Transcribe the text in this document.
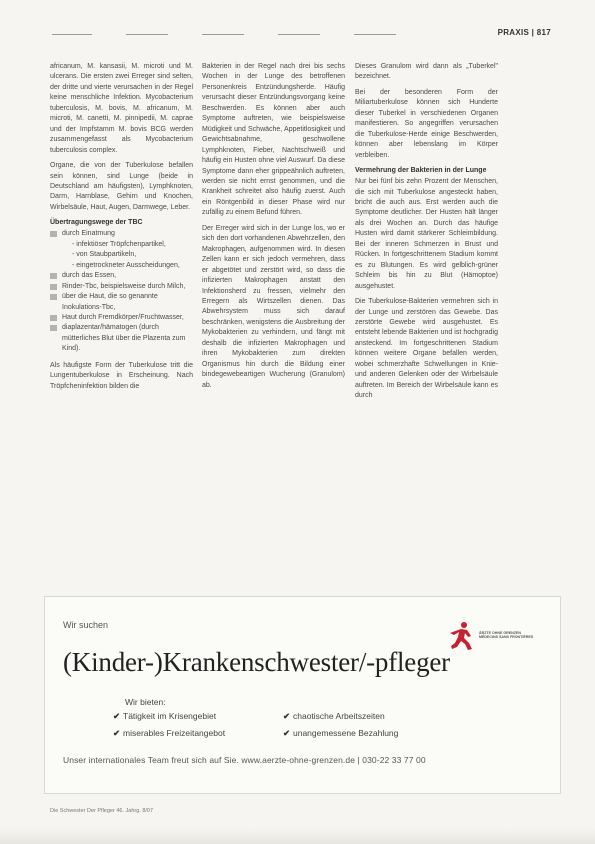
PRAXIS | 817

africanum, M. kansasii, M. microti und M. ulcerans. Die ersten zwei Erreger sind selten, der dritte und vierte verursachen in der Regel keine menschliche Infektion. Mycobacterium tuberculosis, M. bovis, M. africanum, M. microti, M. canetti, M. pinnipedii, M. caprae und der Impfstamm M. bovis BCG werden zusammengefasst als Mycobacterium tuberculosis complex.

Organe, die von der Tuberkulose befallen sein können, sind Lunge (beide in Deutschland am häufigsten), Lymphknoten, Darm, Harnblase, Gehirn und Knochen, Wirbelsäule, Haut, Augen, Darmwege, Leber.

Übertragungswege der TBC
durch Einatmung
- infektiöser Tröpfchenpartikel,
- von Staubpartikeln,
- eingetrockneter Ausscheidungen,
durch das Essen,
Rinder-Tbc, beispielsweise durch Milch,
über die Haut, die so genannte Inokulations-Tbc,
Haut durch Fremdkörper/Fruchtwasser,
diaplazentar/hämatogen (durch mütterliches Blut über die Plazenta zum Kind).

Als häufigste Form der Tuberkulose tritt die Lungentuberkulose in Erscheinung. Nach Tröpfcheninfektion bilden die

Bakterien in der Regel nach drei bis sechs Wochen in der Lunge des betroffenen Personenkreis Entzündungsherde. Häufig verursacht dieser Entzündungsvorgang keine Beschwerden. Es können aber auch Symptome auftreten, wie beispielsweise Müdigkeit und Schwäche, Appetitlosigkeit und Gewichtsabnahme, geschwollene Lymphknoten, Fieber, Nachtschweiß und häufig ein Husten ohne viel Auswurf. Da diese Symptome dann eher grippeähnlich auftreten, werden sie nicht ernst genommen, und die Krankheit schreitet also häufig zuerst. Auch ein Röntgenbild in dieser Phase wird nur zufällig zu einem Befund führen.

Der Erreger wird sich in der Lunge los, wo er sich den dort vorhandenen Abwehrzellen, den Makrophagen, aufgenommen wird. In diesen Zellen kann er sich jedoch vermehren, dass er abgetötet und zerstört wird, so dass die infizierten Makrophagen anstatt den Infektionsherd zu fressen, vielmehr den Erregern als Wirtszellen dienen. Das Abwehrsystem muss sich darauf beschränken, wenigstens die Ausbreitung der Mykobakterien zu verhindern, und fängt mit deshalb die infizierten Makrophagen und ihren Mykobakterien zum direkten Organismus hin durch die Bildung einer bindegewebeartigen Wucherung (Granulom) ab.

Dieses Granulom wird dann als „Tuberkel" bezeichnet.

Bei der besonderen Form der Miliartuberkulose können sich Hunderte dieser Tuberkel in verschiedenen Organen manifestieren. So angegriffen verursachen die Tuberkulose-Herde einige Beschwerden, können aber lebenslang im Körper verbleiben.

Vermehrung der Bakterien in der Lunge

Nur bei fünf bis zehn Prozent der Menschen, die sich mit Tuberkulose angesteckt haben, bricht die auch aus. Erst werden auch die Symptome deutlicher. Der Husten hält länger als drei Wochen an. Durch das häufige Husten wird damit stärkerer Schleimbildung. Bei der inneren Schmerzen in Brust und Rücken. In fortgeschrittenem Stadium kommt es zu Blutungen. Es wird gelblich-grüner Schleim bis hin zu Blut (Hämoptoe) ausgehustet.

Die Tuberkulose-Bakterien vermehren sich in der Lunge und zerstören das Gewebe. Das zerstörte Gewebe wird ausgehustet. Es entsteht lebende Bakterien und ist hochgradig ansteckend. Im fortgeschrittenen Stadium können weitere Organe befallen werden, wobei schmerzhafte Schwellungen in Knie- und anderen Gelenken oder der Wirbelsäule auftreten. Im Bereich der Wirbelsäule kann es durch

Wir suchen
(Kinder-)Krankenschwester/-pfleger
Wir bieten:
✔ Tätigkeit im Krisengebiet	✔ chaotische Arbeitszeiten
✔ miserables Freizeitangebot	✔ unangemessene Bezahlung
Unser internationales Team freut sich auf Sie. www.aerzte-ohne-grenzen.de | 030-22 33 77 00
ÄRZTE OHNE GRENZEN
MÉDECINS SANS FRONTIÈRES
Die Schwester Der Pfleger 46. Jahrg. 8/07
